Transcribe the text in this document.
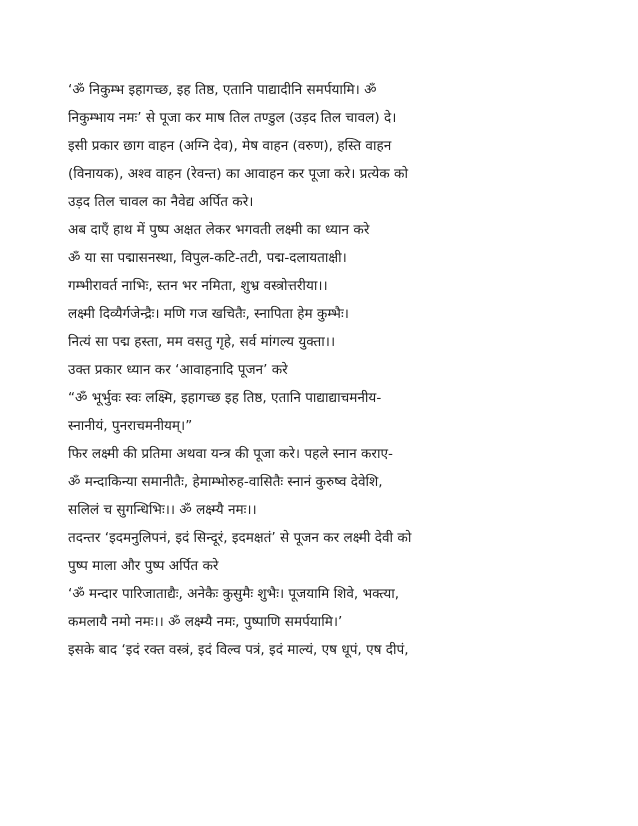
‘ॐ निकुम्भ इहागच्छ, इह तिष्ठ, एतानि पाद्यादीनि समर्पयामि। ॐ
निकुम्भाय नमः’ से पूजा कर माष तिल तण्डुल (उड़द तिल चावल) दे।
इसी प्रकार छाग वाहन (अग्नि देव), मेष वाहन (वरुण), हस्ति वाहन
(विनायक), अश्व वाहन (रेवन्त) का आवाहन कर पूजा करे। प्रत्येक को
उड़द तिल चावल का नैवेद्य अर्पित करे।
अब दाएँ हाथ में पुष्प अक्षत लेकर भगवती लक्ष्मी का ध्यान करे
ॐ या सा पद्मासनस्था, विपुल-कटि-तटी, पद्म-दलायताक्षी।
गम्भीरावर्त नाभिः, स्तन भर नमिता, शुभ्र वस्त्रोत्तरीया।।
लक्ष्मी दिव्यैर्गजेन्द्रैः। मणि गज खचितैः, स्नापिता हेम कुम्भैः।
नित्यं सा पद्म हस्ता, मम वसतु गृहे, सर्व मांगल्य युक्ता।।
उक्त प्रकार ध्यान कर ‘आवाहनादि पूजन’ करे
“ॐ भूर्भुवः स्वः लक्ष्मि, इहागच्छ इह तिष्ठ, एतानि पाद्याद्याचमनीय-
स्नानीयं, पुनराचमनीयम्।”
फिर लक्ष्मी की प्रतिमा अथवा यन्त्र की पूजा करे। पहले स्नान कराए-
ॐ मन्दाकिन्या समानीतैः, हेमाम्भोरुह-वासितैः स्नानं कुरुष्व देवेशि,
सलिलं च सुगन्धिभिः।। ॐ लक्ष्म्यै नमः।।
तदन्तर ‘इदमनुलिपनं, इदं सिन्दूरं, इदमक्षतं’ से पूजन कर लक्ष्मी देवी को
पुष्प माला और पुष्प अर्पित करे
‘ॐ मन्दार पारिजाताद्यैः, अनेकैः कुसुमैः शुभैः। पूजयामि शिवे, भक्त्या,
कमलायै नमो नमः।। ॐ लक्ष्म्यै नमः, पुष्पाणि समर्पयामि।’
इसके बाद ‘इदं रक्त वस्त्रं, इदं विल्व पत्रं, इदं माल्यं, एष धूपं, एष दीपं,
